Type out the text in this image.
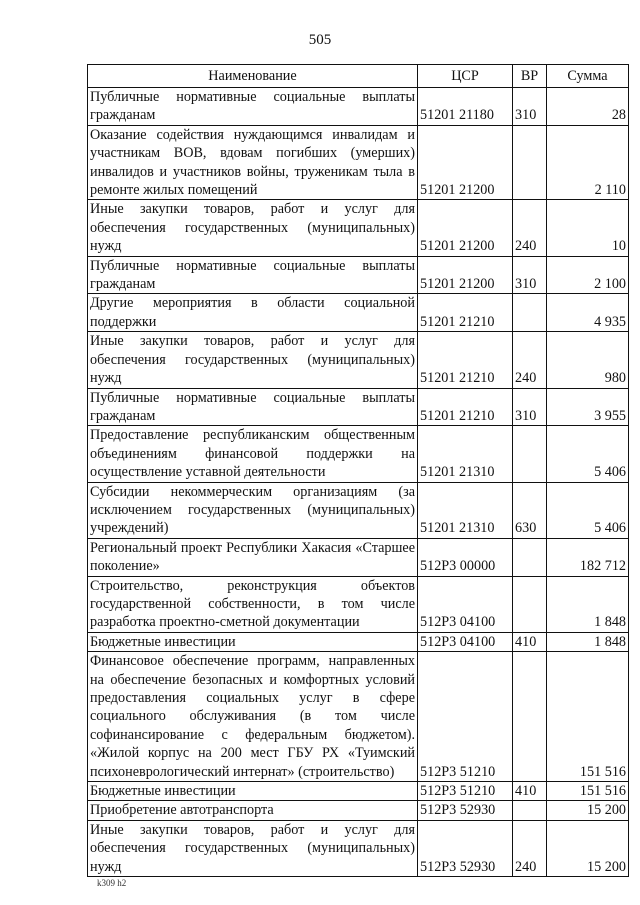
505
Наименование	ЦСР	ВР	Сумма
Публичные нормативные социальные выплаты гражданам	51201 21180	310	28
Оказание содействия нуждающимся инвалидам и участникам ВОВ, вдовам погибших (умерших) инвалидов и участников войны, труженикам тыла в ремонте жилых помещений	51201 21200		2 110
Иные закупки товаров, работ и услуг для обеспечения государственных (муниципальных) нужд	51201 21200	240	10
Публичные нормативные социальные выплаты гражданам	51201 21200	310	2 100
Другие мероприятия в области социальной поддержки	51201 21210		4 935
Иные закупки товаров, работ и услуг для обеспечения государственных (муниципальных) нужд	51201 21210	240	980
Публичные нормативные социальные выплаты гражданам	51201 21210	310	3 955
Предоставление республиканским общественным объединениям финансовой поддержки на осуществление уставной деятельности	51201 21310		5 406
Субсидии некоммерческим организациям (за исключением государственных (муниципальных) учреждений)	51201 21310	630	5 406
Региональный проект Республики Хакасия «Старшее поколение»	512Р3 00000		182 712
Строительство, реконструкция объектов государственной собственности, в том числе разработка проектно-сметной документации	512Р3 04100		1 848
Бюджетные инвестиции	512Р3 04100	410	1 848
Финансовое обеспечение программ, направленных на обеспечение безопасных и комфортных условий предоставления социальных услуг в сфере социального обслуживания (в том числе софинансирование с федеральным бюджетом). «Жилой корпус на 200 мест ГБУ РХ «Туимский психоневрологический интернат» (строительство)	512Р3 51210		151 516
Бюджетные инвестиции	512Р3 51210	410	151 516
Приобретение автотранспорта	512Р3 52930		15 200
Иные закупки товаров, работ и услуг для обеспечения государственных (муниципальных) нужд	512Р3 52930	240	15 200
k309 h2
